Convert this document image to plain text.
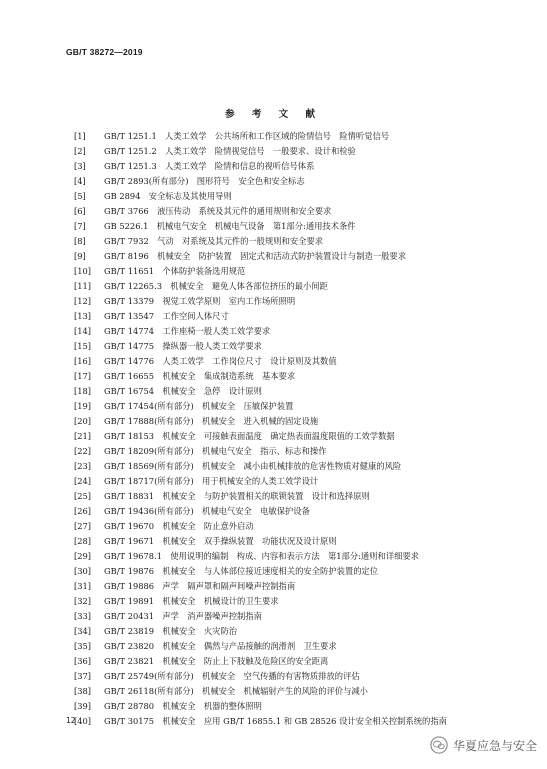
GB/T 38272—2019
参 考 文 献
[1]	GB/T 1251.1　人类工效学　公共场所和工作区域的险情信号　险情听觉信号
[2]	GB/T 1251.2　人类工效学　险情视觉信号　一般要求、设计和检验
[3]	GB/T 1251.3　人类工效学　险情和信息的视听信号体系
[4]	GB/T 2893(所有部分)　图形符号　安全色和安全标志
[5]	GB 2894　安全标志及其使用导则
[6]	GB/T 3766　液压传动　系统及其元件的通用规则和安全要求
[7]	GB 5226.1　机械电气安全　机械电气设备　第1部分:通用技术条件
[8]	GB/T 7932　气动　对系统及其元件的一般规则和安全要求
[9]	GB/T 8196　机械安全　防护装置　固定式和活动式防护装置设计与制造一般要求
[10]	GB/T 11651　个体防护装备选用规范
[11]	GB/T 12265.3　机械安全　避免人体各部位挤压的最小间距
[12]	GB/T 13379　视觉工效学原则　室内工作场所照明
[13]	GB/T 13547　工作空间人体尺寸
[14]	GB/T 14774　工作座椅一般人类工效学要求
[15]	GB/T 14775　操纵器一般人类工效学要求
[16]	GB/T 14776　人类工效学　工作岗位尺寸　设计原则及其数值
[17]	GB/T 16655　机械安全　集成制造系统　基本要求
[18]	GB/T 16754　机械安全　急停　设计原则
[19]	GB/T 17454(所有部分)　机械安全　压敏保护装置
[20]	GB/T 17888(所有部分)　机械安全　进入机械的固定设施
[21]	GB/T 18153　机械安全　可接触表面温度　确定热表面温度限值的工效学数据
[22]	GB/T 18209(所有部分)　机械电气安全　指示、标志和操作
[23]	GB/T 18569(所有部分)　机械安全　减小由机械排放的危害性物质对健康的风险
[24]	GB/T 18717(所有部分)　用于机械安全的人类工效学设计
[25]	GB/T 18831　机械安全　与防护装置相关的联锁装置　设计和选择原则
[26]	GB/T 19436(所有部分)　机械电气安全　电敏保护设备
[27]	GB/T 19670　机械安全　防止意外启动
[28]	GB/T 19671　机械安全　双手操纵装置　功能状况及设计原则
[29]	GB/T 19678.1　使用说明的编制　构成、内容和表示方法　第1部分:通则和详细要求
[30]	GB/T 19876　机械安全　与人体部位接近速度相关的安全防护装置的定位
[31]	GB/T 19886　声学　隔声罩和隔声间噪声控制指南
[32]	GB/T 19891　机械安全　机械设计的卫生要求
[33]	GB/T 20431　声学　消声器噪声控制指南
[34]	GB/T 23819　机械安全　火灾防治
[35]	GB/T 23820　机械安全　偶然与产品接触的润滑剂　卫生要求
[36]	GB/T 23821　机械安全　防止上下肢触及危险区的安全距离
[37]	GB/T 25749(所有部分)　机械安全　空气传播的有害物质排放的评估
[38]	GB/T 26118(所有部分)　机械安全　机械辐射产生的风险的评价与减小
[39]	GB/T 28780　机械安全　机器的整体照明
[40]	GB/T 30175　机械安全　应用 GB/T 16855.1 和 GB 28526 设计安全相关控制系统的指南
12
华夏应急与安全
